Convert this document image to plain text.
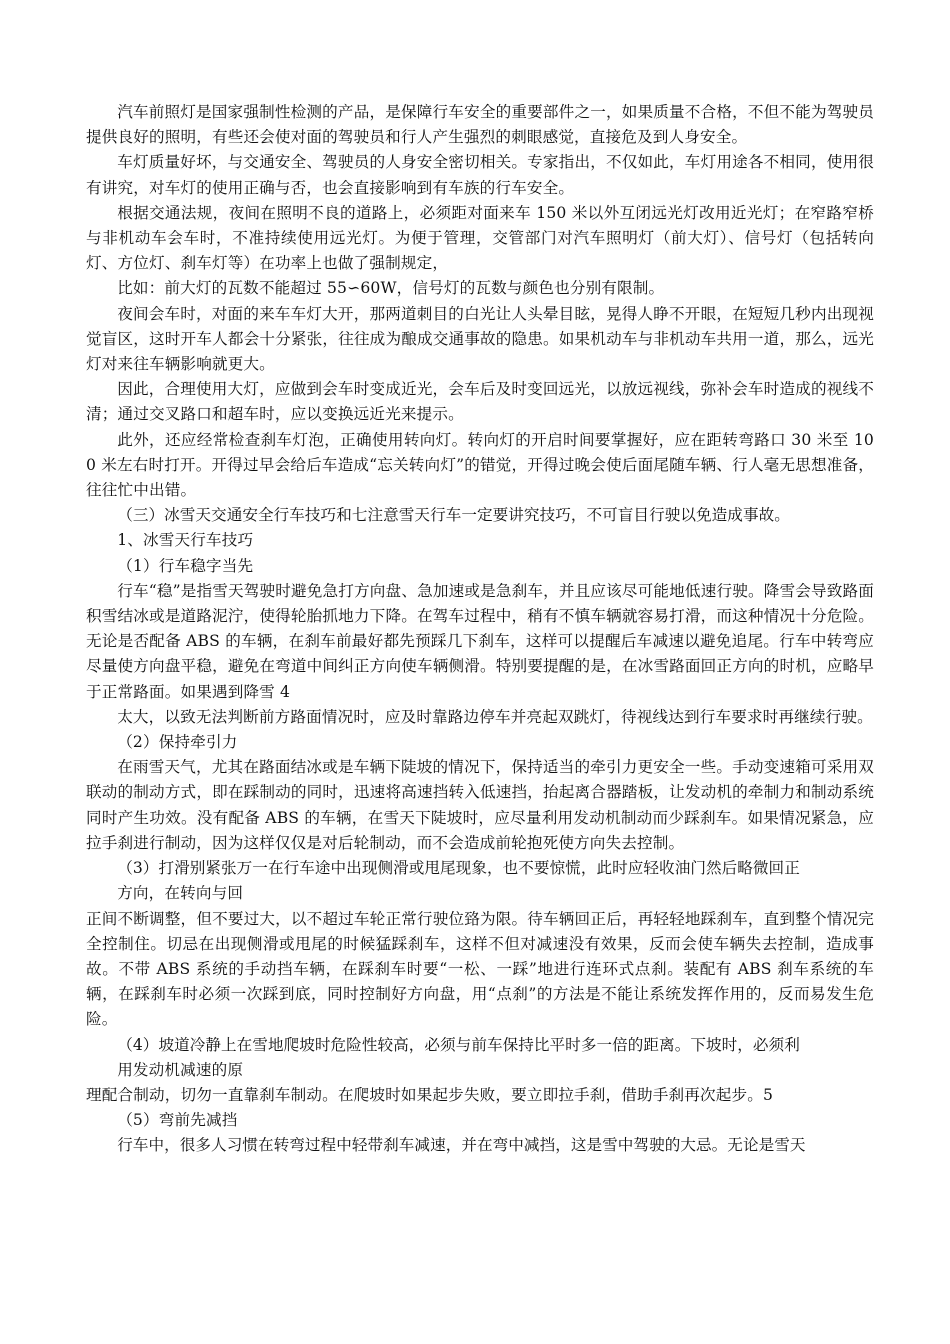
汽车前照灯是国家强制性检测的产品，是保障行车安全的重要部件之一，如果质量不合格，不但不能为驾驶员提供良好的照明，有些还会使对面的驾驶员和行人产生强烈的刺眼感觉，直接危及到人身安全。

车灯质量好坏，与交通安全、驾驶员的人身安全密切相关。专家指出，不仅如此，车灯用途各不相同，使用很有讲究，对车灯的使用正确与否，也会直接影响到有车族的行车安全。

根据交通法规，夜间在照明不良的道路上，必须距对面来车 150 米以外互闭远光灯改用近光灯；在窄路窄桥与非机动车会车时，不准持续使用远光灯。为便于管理，交管部门对汽车照明灯（前大灯）、信号灯（包括转向灯、方位灯、刹车灯等）在功率上也做了强制规定，

比如：前大灯的瓦数不能超过 55∽60W，信号灯的瓦数与颜色也分别有限制。

夜间会车时，对面的来车车灯大开，那两道刺目的白光让人头晕目眩，晃得人睁不开眼，在短短几秒内出现视觉盲区，这时开车人都会十分紧张，往往成为酿成交通事故的隐患。如果机动车与非机动车共用一道，那么，远光灯对来往车辆影响就更大。

因此，合理使用大灯，应做到会车时变成近光，会车后及时变回远光，以放远视线，弥补会车时造成的视线不清；通过交叉路口和超车时，应以变换远近光来提示。

此外，还应经常检查刹车灯泡，正确使用转向灯。转向灯的开启时间要掌握好，应在距转弯路口 30 米至 100 米左右时打开。开得过早会给后车造成“忘关转向灯”的错觉，开得过晚会使后面尾随车辆、行人毫无思想准备，往往忙中出错。

（三）冰雪天交通安全行车技巧和七注意雪天行车一定要讲究技巧，不可盲目行驶以免造成事故。

1、冰雪天行车技巧

（1）行车稳字当先

行车“稳”是指雪天驾驶时避免急打方向盘、急加速或是急刹车，并且应该尽可能地低速行驶。降雪会导致路面积雪结冰或是道路泥泞，使得轮胎抓地力下降。在驾车过程中，稍有不慎车辆就容易打滑，而这种情况十分危险。无论是否配备 ABS 的车辆，在刹车前最好都先预踩几下刹车，这样可以提醒后车减速以避免追尾。行车中转弯应尽量使方向盘平稳，避免在弯道中间纠正方向使车辆侧滑。特别要提醒的是，在冰雪路面回正方向的时机，应略早于正常路面。如果遇到降雪 4

太大，以致无法判断前方路面情况时，应及时靠路边停车并亮起双跳灯，待视线达到行车要求时再继续行驶。

（2）保持牵引力

在雨雪天气，尤其在路面结冰或是车辆下陡坡的情况下，保持适当的牵引力更安全一些。手动变速箱可采用双联动的制动方式，即在踩制动的同时，迅速将高速挡转入低速挡，抬起离合器踏板，让发动机的牵制力和制动系统同时产生功效。没有配备 ABS 的车辆，在雪天下陡坡时，应尽量利用发动机制动而少踩刹车。如果情况紧急，应拉手刹进行制动，因为这样仅仅是对后轮制动，而不会造成前轮抱死使方向失去控制。

（3）打滑别紧张万一在行车途中出现侧滑或甩尾现象，也不要惊慌，此时应轻收油门然后略微回正

方向，在转向与回

正间不断调整，但不要过大，以不超过车轮正常行驶位臵为限。待车辆回正后，再轻轻地踩刹车，直到整个情况完全控制住。切忌在出现侧滑或甩尾的时候猛踩刹车，这样不但对减速没有效果，反而会使车辆失去控制，造成事故。不带 ABS 系统的手动挡车辆，在踩刹车时要“一松、一踩”地进行连环式点刹。装配有 ABS 刹车系统的车辆，在踩刹车时必须一次踩到底，同时控制好方向盘，用“点刹”的方法是不能让系统发挥作用的，反而易发生危险。

（4）坡道冷静上在雪地爬坡时危险性较高，必须与前车保持比平时多一倍的距离。下坡时，必须利

用发动机减速的原

理配合制动，切勿一直靠刹车制动。在爬坡时如果起步失败，要立即拉手刹，借助手刹再次起步。5

（5）弯前先减挡

行车中，很多人习惯在转弯过程中轻带刹车减速，并在弯中减挡，这是雪中驾驶的大忌。无论是雪天
